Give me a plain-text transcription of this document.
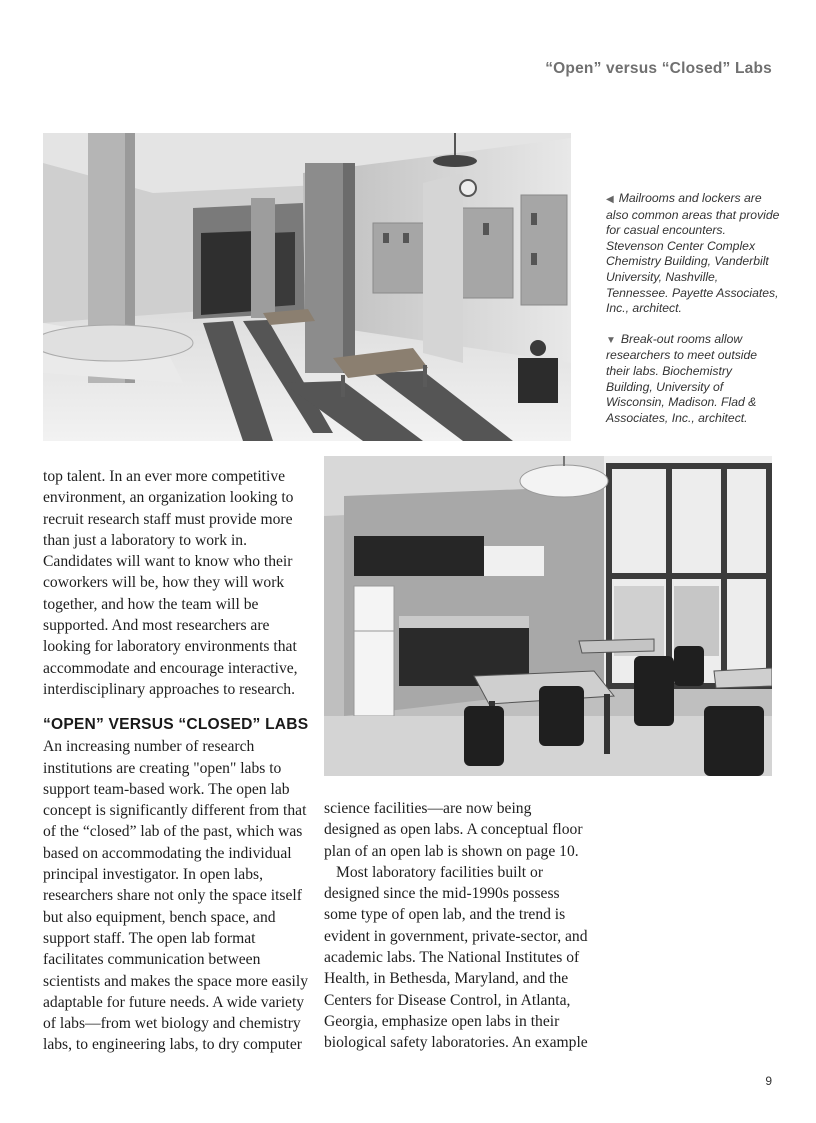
“Open” versus “Closed” Labs

◀ Mailrooms and lockers are also common areas that provide for casual encounters. Stevenson Center Complex Chemistry Building, Vanderbilt University, Nashville, Tennessee. Payette Associates, Inc., architect.

▼ Break-out rooms allow researchers to meet outside their labs. Biochemistry Building, University of Wisconsin, Madison. Flad & Associates, Inc., architect.

top talent. In an ever more competitive environment, an organization looking to recruit research staff must provide more than just a laboratory to work in. Candidates will want to know who their coworkers will be, how they will work together, and how the team will be supported. And most researchers are looking for laboratory environments that accommodate and encourage interactive, interdisciplinary approaches to research.

“OPEN” VERSUS “CLOSED” LABS

An increasing number of research institutions are creating "open" labs to support team-based work. The open lab concept is significantly different from that of the “closed” lab of the past, which was based on accommodating the individual principal investigator. In open labs, researchers share not only the space itself but also equipment, bench space, and support staff. The open lab format facilitates communication between scientists and makes the space more easily adaptable for future needs. A wide variety of labs—from wet biology and chemistry labs, to engineering labs, to dry computer

science facilities—are now being designed as open labs. A conceptual floor plan of an open lab is shown on page 10.

Most laboratory facilities built or designed since the mid-1990s possess some type of open lab, and the trend is evident in government, private-sector, and academic labs. The National Institutes of Health, in Bethesda, Maryland, and the Centers for Disease Control, in Atlanta, Georgia, emphasize open labs in their biological safety laboratories. An example

9
